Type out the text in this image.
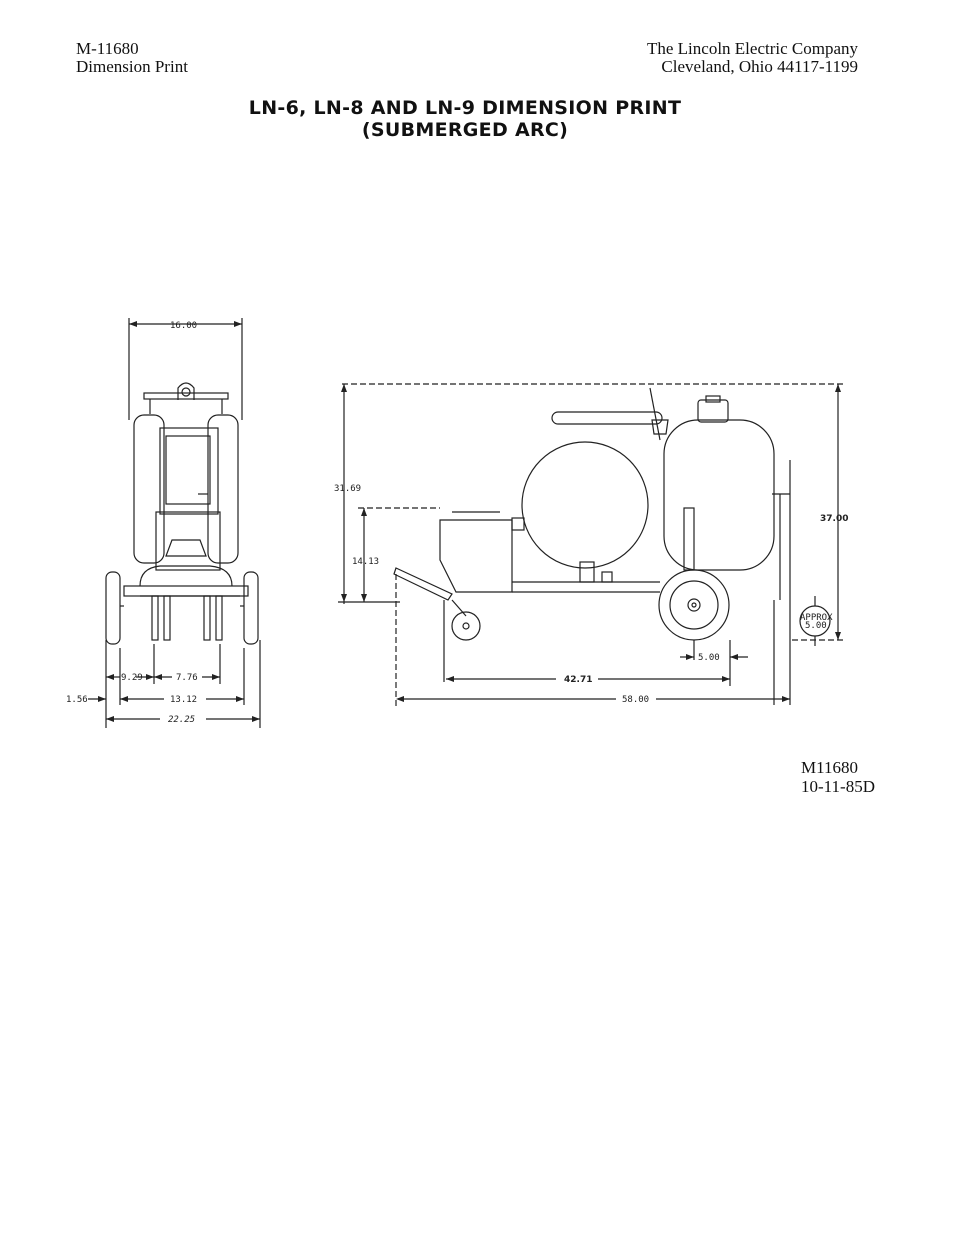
M-11680
Dimension Print
The Lincoln Electric Company
Cleveland, Ohio 44117-1199
LN-6, LN-8 AND LN-9 DIMENSION PRINT
(SUBMERGED ARC)
16.00
9.29	7.76
1.56	13.12
22.25
31.69
14.13
37.00
APPROX
5.00
5.00
42.71
58.00
M11680
10-11-85D
